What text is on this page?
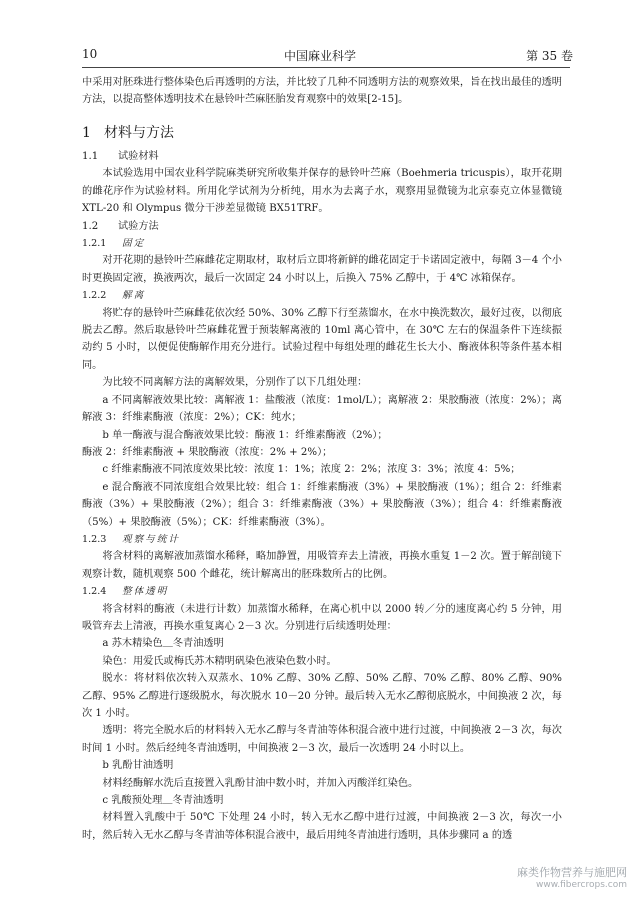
10	中国麻业科学	第 35 卷

中采用对胚珠进行整体染色后再透明的方法，并比较了几种不同透明方法的观察效果，旨在找出最佳的透明方法，以提高整体透明技术在悬铃叶苎麻胚胎发育观察中的效果[2-15]。

1 材料与方法

1.1 试验材料

本试验选用中国农业科学院麻类研究所收集并保存的悬铃叶苎麻（Boehmeria tricuspis），取开花期的雌花序作为试验材料。所用化学试剂为分析纯，用水为去离子水，观察用显微镜为北京泰克立体显微镜 XTL-20 和 Olympus 微分干涉差显微镜 BX51TRF。

1.2 试验方法

1.2.1 固定

对开花期的悬铃叶苎麻雌花定期取材，取材后立即将新鲜的雌花固定于卡诺固定液中，每隔 3－4 个小时更换固定液，换液两次，最后一次固定 24 小时以上，后换入 75% 乙醇中，于 4℃ 冰箱保存。

1.2.2 解离

将贮存的悬铃叶苎麻雌花依次经 50%、30% 乙醇下行至蒸馏水，在水中换洗数次，最好过夜，以彻底脱去乙醇。然后取悬铃叶苎麻雌花置于预装解离液的 10ml 离心管中，在 30℃ 左右的保温条件下连续振动约 5 小时，以便促使酶解作用充分进行。试验过程中每组处理的雌花生长大小、酶液体积等条件基本相同。

为比较不同离解方法的离解效果，分别作了以下几组处理：

a 不同离解液效果比较：离解液 1：盐酸液（浓度：1mol/L）；离解液 2：果胶酶液（浓度：2%）；离解液 3：纤维素酶液（浓度：2%）；CK：纯水；

b 单一酶液与混合酶液效果比较：酶液 1：纤维素酶液（2%）；

酶液 2：纤维素酶液 + 果胶酶液（浓度：2% + 2%）；

c 纤维素酶液不同浓度效果比较：浓度 1：1%；浓度 2：2%；浓度 3：3%；浓度 4：5%；

e 混合酶液不同浓度组合效果比较：组合 1：纤维素酶液（3%）+ 果胶酶液（1%）；组合 2：纤维素酶液（3%）+ 果胶酶液（2%）；组合 3：纤维素酶液（3%）+ 果胶酶液（3%）；组合 4：纤维素酶液（5%）+ 果胶酶液（5%）；CK：纤维素酶液（3%）。

1.2.3 观察与统计

将含材料的离解液加蒸馏水稀释，略加静置，用吸管弃去上清液，再换水重复 1－2 次。置于解剖镜下观察计数，随机观察 500 个雌花，统计解离出的胚珠数所占的比例。

1.2.4 整体透明

将含材料的酶液（未进行计数）加蒸馏水稀释，在离心机中以 2000 转／分的速度离心约 5 分钟，用吸管弃去上清液，再换水重复离心 2－3 次。分别进行后续透明处理：

a 苏木精染色＿冬青油透明

染色：用爱氏或梅氏苏木精明矾染色液染色数小时。

脱水：将材料依次转入双蒸水、10% 乙醇、30% 乙醇、50% 乙醇、70% 乙醇、80% 乙醇、90% 乙醇、95% 乙醇进行逐级脱水，每次脱水 10－20 分钟。最后转入无水乙醇彻底脱水，中间换液 2 次，每次 1 小时。

透明：将完全脱水后的材料转入无水乙醇与冬青油等体积混合液中进行过渡，中间换液 2－3 次，每次时间 1 小时。然后经纯冬青油透明，中间换液 2－3 次，最后一次透明 24 小时以上。

b 乳酚甘油透明

材料经酶解水洗后直接置入乳酚甘油中数小时，并加入丙酸洋红染色。

c 乳酸预处理＿冬青油透明

材料置入乳酸中于 50℃ 下处理 24 小时，转入无水乙醇中进行过渡，中间换液 2－3 次，每次一小时，然后转入无水乙醇与冬青油等体积混合液中，最后用纯冬青油进行透明，具体步骤同 a 的透

麻类作物营养与施肥网
www.fibercrops.com
